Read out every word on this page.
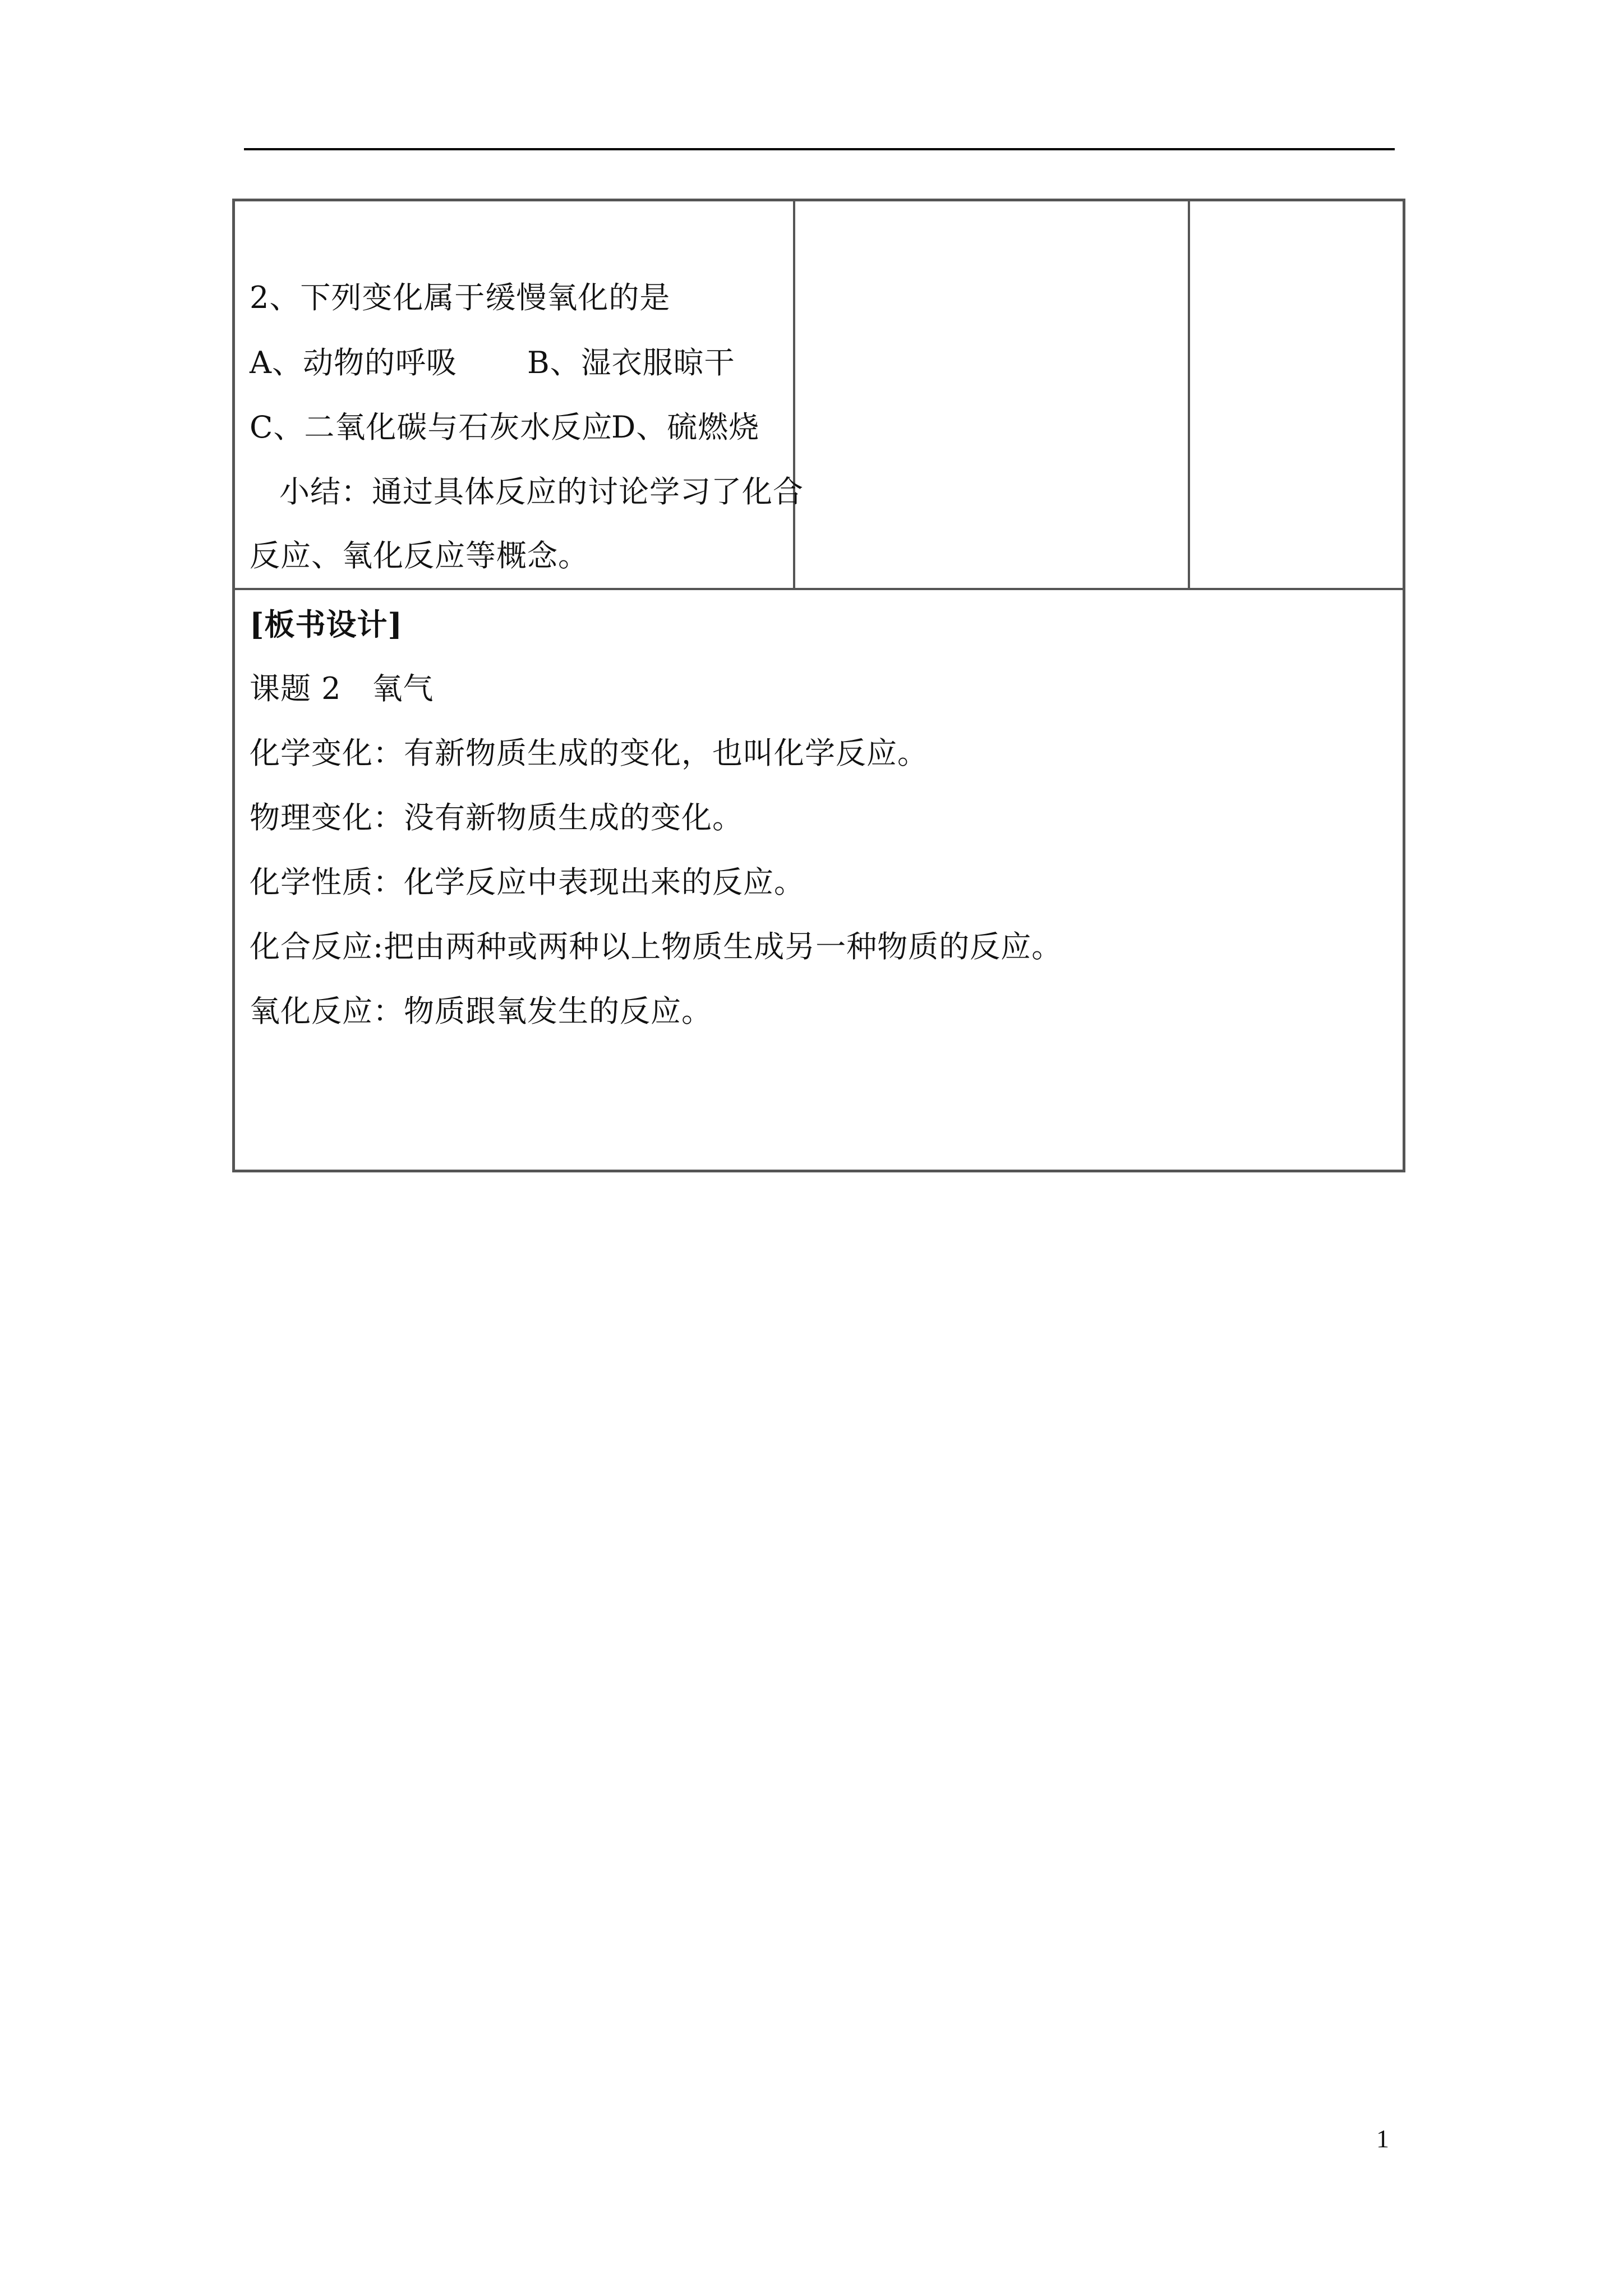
2、下列变化属于缓慢氧化的是
A、动物的呼吸 B、湿衣服晾干
C、二氧化碳与石灰水反应
D、硫燃烧
小结：通过具体反应的讨论学习了化合
反应、氧化反应等概念。
[板书设计]
课题 2　氧气
化学变化：有新物质生成的变化，也叫化学反应。
物理变化：没有新物质生成的变化。
化学性质：化学反应中表现出来的反应。
化合反应:把由两种或两种以上物质生成另一种物质的反应。
氧化反应：物质跟氧发生的反应。
1
